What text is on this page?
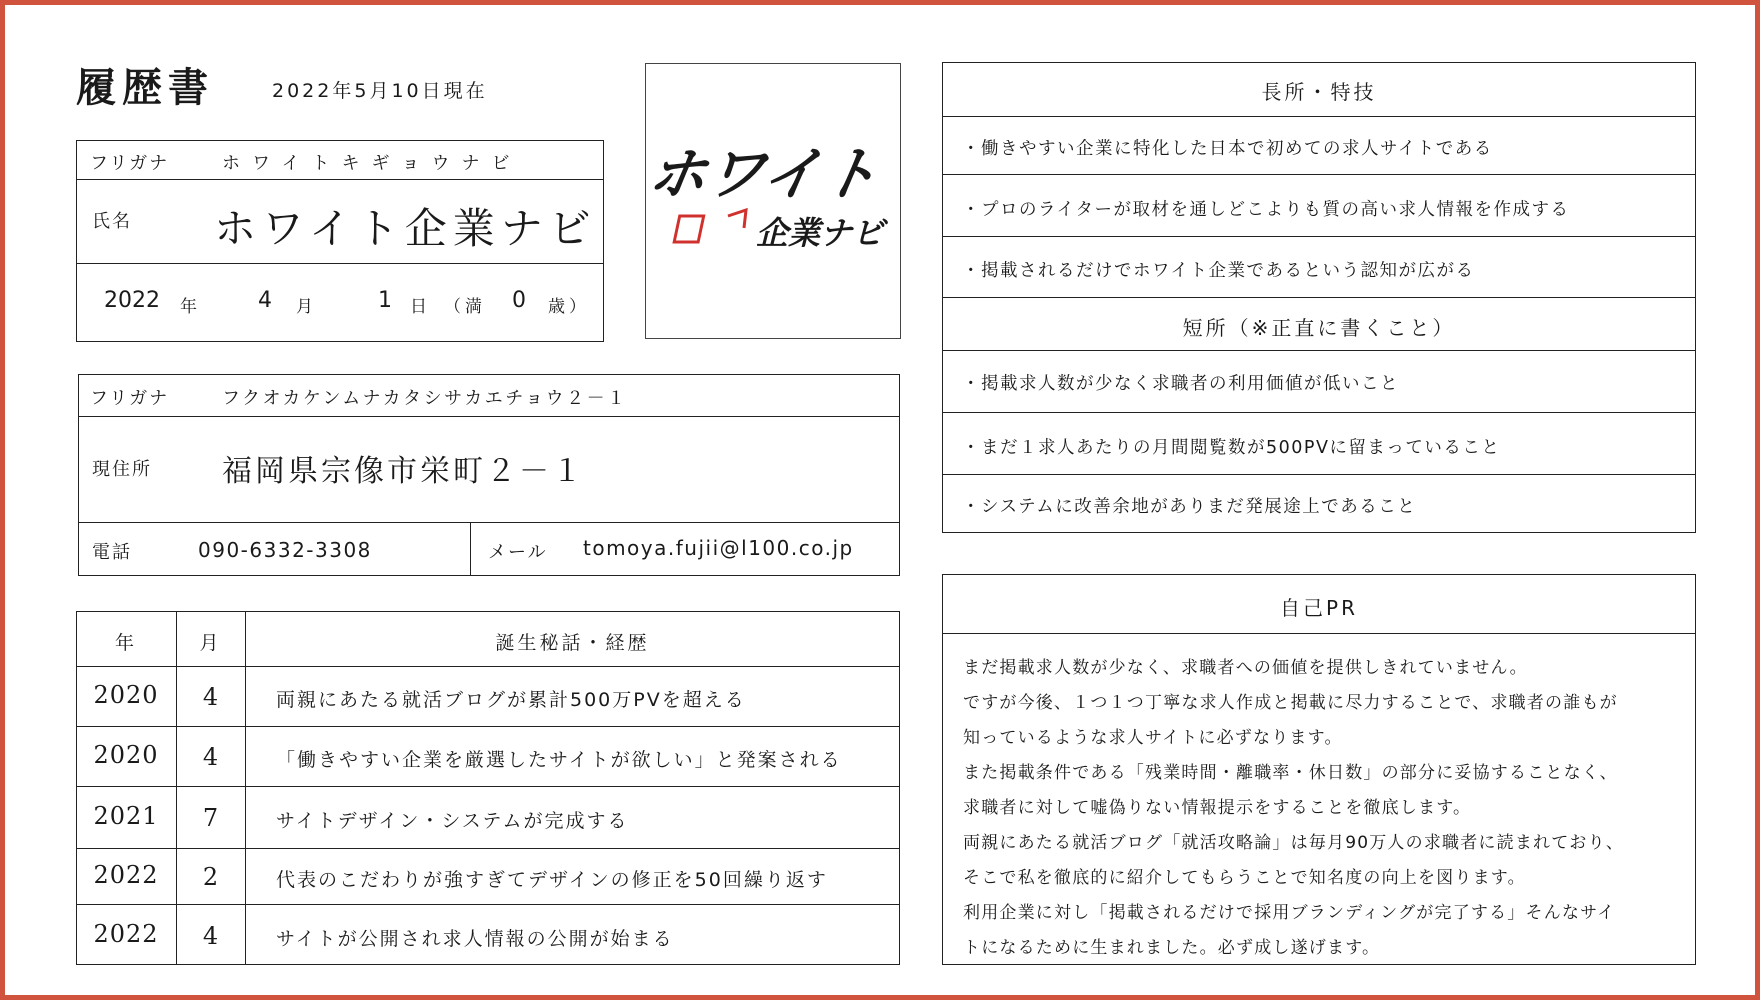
履歴書	2022年5月10日現在
フリガナ	ホワイトキギョウナビ
氏名 ホワイト企業ナビ
2022 年	4 月	1 日 （満 0 歳）
ホワイト
企業ナビ
フリガナ	フクオカケンムナカタシサカエチョウ２－１
現住所 福岡県宗像市栄町２－１
電話	090-6332-3308	メール tomoya.fujii@l100.co.jp
年	月	誕生秘話・経歴
2020	4	両親にあたる就活ブログが累計500万PVを超える
2020	4	「働きやすい企業を厳選したサイトが欲しい」と発案される
2021	7	サイトデザイン・システムが完成する
2022	2	代表のこだわりが強すぎてデザインの修正を50回繰り返す
2022	4	サイトが公開され求人情報の公開が始まる
長所・特技
・働きやすい企業に特化した日本で初めての求人サイトである
・プロのライターが取材を通しどこよりも質の高い求人情報を作成する
・掲載されるだけでホワイト企業であるという認知が広がる
短所（※正直に書くこと）
・掲載求人数が少なく求職者の利用価値が低いこと
・まだ１求人あたりの月間閲覧数が500PVに留まっていること
・システムに改善余地がありまだ発展途上であること
自己PR
まだ掲載求人数が少なく、求職者への価値を提供しきれていません。
ですが今後、１つ１つ丁寧な求人作成と掲載に尽力することで、求職者の誰もが
知っているような求人サイトに必ずなります。
また掲載条件である「残業時間・離職率・休日数」の部分に妥協することなく、
求職者に対して嘘偽りない情報提示をすることを徹底します。
両親にあたる就活ブログ「就活攻略論」は毎月90万人の求職者に読まれており、
そこで私を徹底的に紹介してもらうことで知名度の向上を図ります。
利用企業に対し「掲載されるだけで採用ブランディングが完了する」そんなサイ
トになるために生まれました。必ず成し遂げます。
